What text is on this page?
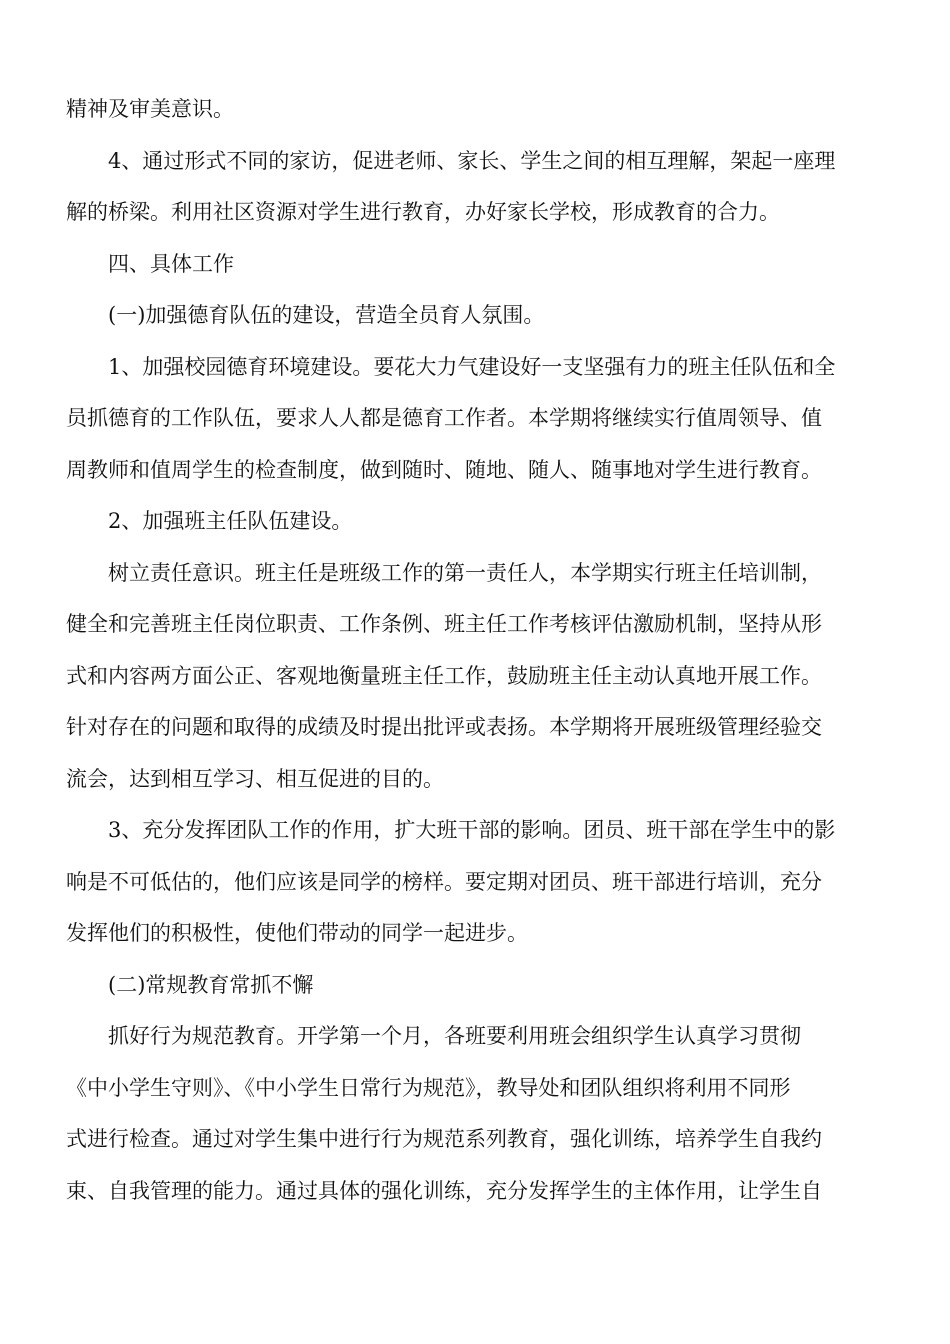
精神及审美意识。
4、通过形式不同的家访，促进老师、家长、学生之间的相互理解，架起一座理
解的桥梁。利用社区资源对学生进行教育，办好家长学校，形成教育的合力。
四、具体工作
(一)加强德育队伍的建设，营造全员育人氛围。
1、加强校园德育环境建设。要花大力气建设好一支坚强有力的班主任队伍和全
员抓德育的工作队伍，要求人人都是德育工作者。本学期将继续实行值周领导、值
周教师和值周学生的检查制度，做到随时、随地、随人、随事地对学生进行教育。
2、加强班主任队伍建设。
树立责任意识。班主任是班级工作的第一责任人，本学期实行班主任培训制，
健全和完善班主任岗位职责、工作条例、班主任工作考核评估激励机制，坚持从形
式和内容两方面公正、客观地衡量班主任工作，鼓励班主任主动认真地开展工作。
针对存在的问题和取得的成绩及时提出批评或表扬。本学期将开展班级管理经验交
流会，达到相互学习、相互促进的目的。
3、充分发挥团队工作的作用，扩大班干部的影响。团员、班干部在学生中的影
响是不可低估的，他们应该是同学的榜样。要定期对团员、班干部进行培训，充分
发挥他们的积极性，使他们带动的同学一起进步。
(二)常规教育常抓不懈
抓好行为规范教育。开学第一个月，各班要利用班会组织学生认真学习贯彻
《中小学生守则》、《中小学生日常行为规范》，教导处和团队组织将利用不同形
式进行检查。通过对学生集中进行行为规范系列教育，强化训练，培养学生自我约
束、自我管理的能力。通过具体的强化训练，充分发挥学生的主体作用，让学生自
